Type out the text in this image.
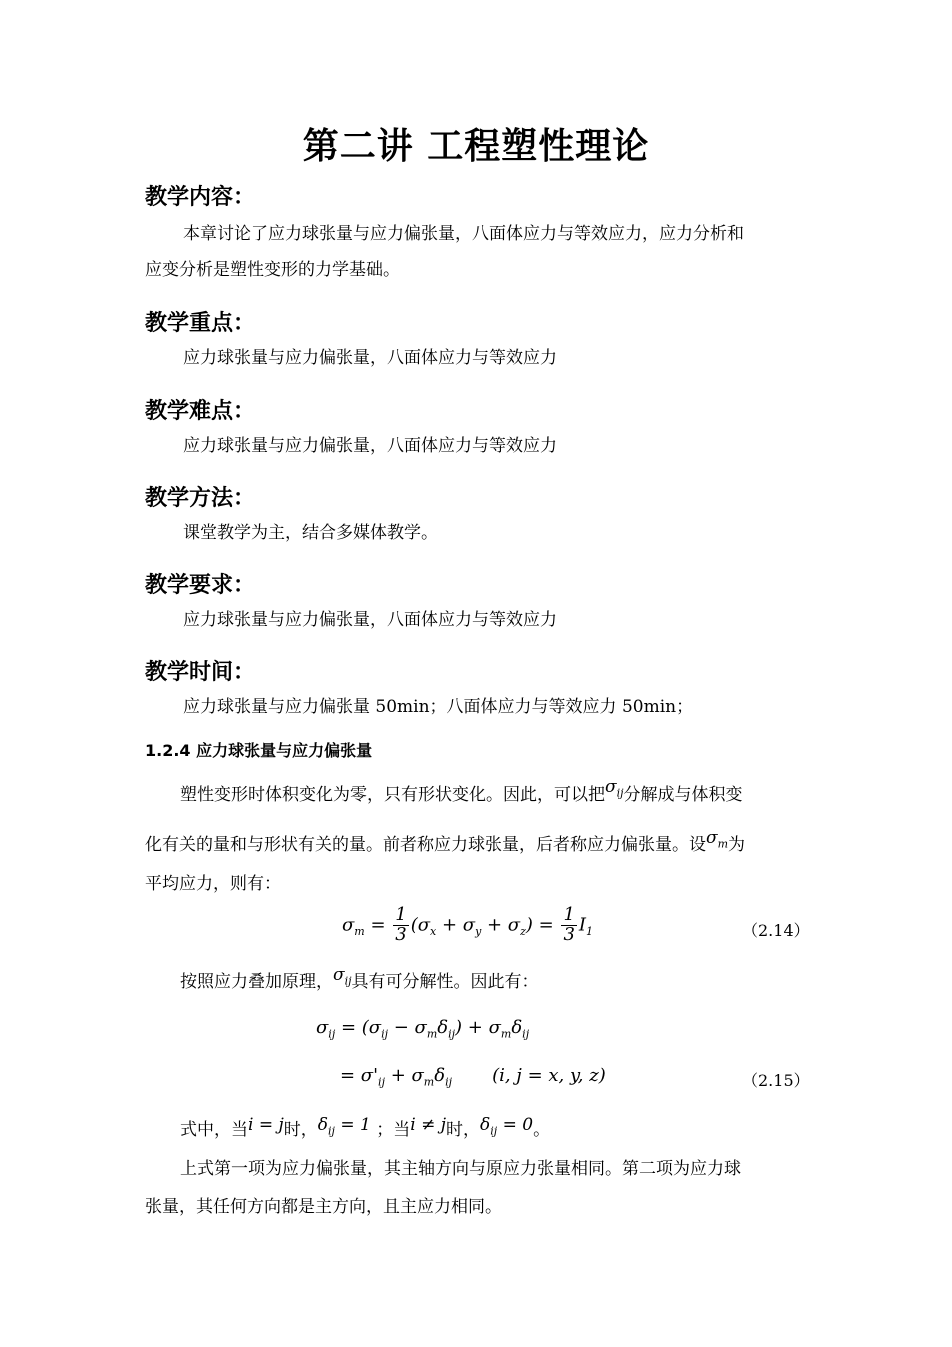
第二讲 工程塑性理论
教学内容：
本章讨论了应力球张量与应力偏张量，八面体应力与等效应力，应力分析和
应变分析是塑性变形的力学基础。
教学重点：
应力球张量与应力偏张量，八面体应力与等效应力
教学难点：
应力球张量与应力偏张量，八面体应力与等效应力
教学方法：
课堂教学为主，结合多媒体教学。
教学要求：
应力球张量与应力偏张量，八面体应力与等效应力
教学时间：
应力球张量与应力偏张量 50min；八面体应力与等效应力 50min；
1.2.4 应力球张量与应力偏张量
塑性变形时体积变化为零，只有形状变化。因此，可以把$\sigma_{ij}$分解成与体积变
化有关的量和与形状有关的量。前者称应力球张量，后者称应力偏张量。设$\sigma_m$为
平均应力，则有：
$\sigma_m = \frac{1}{3} (\sigma_x + \sigma_y + \sigma_z) = \frac{1}{3} I_1$	（2.14）
按照应力叠加原理，$\sigma_{ij}$具有可分解性。因此有：
$\sigma_{ij} = (\sigma_{ij} - \sigma_m\delta_{ij}) + \sigma_m\delta_{ij}$
= $\sigma'_{ij} + \sigma_m\delta_{ij}$       (i, j = x, y, z)	（2.15）
式中，当i = j时，$\delta_{ij} = 1$ ；当i ≠ j时，$\delta_{ij} = 0$。
上式第一项为应力偏张量，其主轴方向与原应力张量相同。第二项为应力球
张量，其任何方向都是主方向，且主应力相同。
